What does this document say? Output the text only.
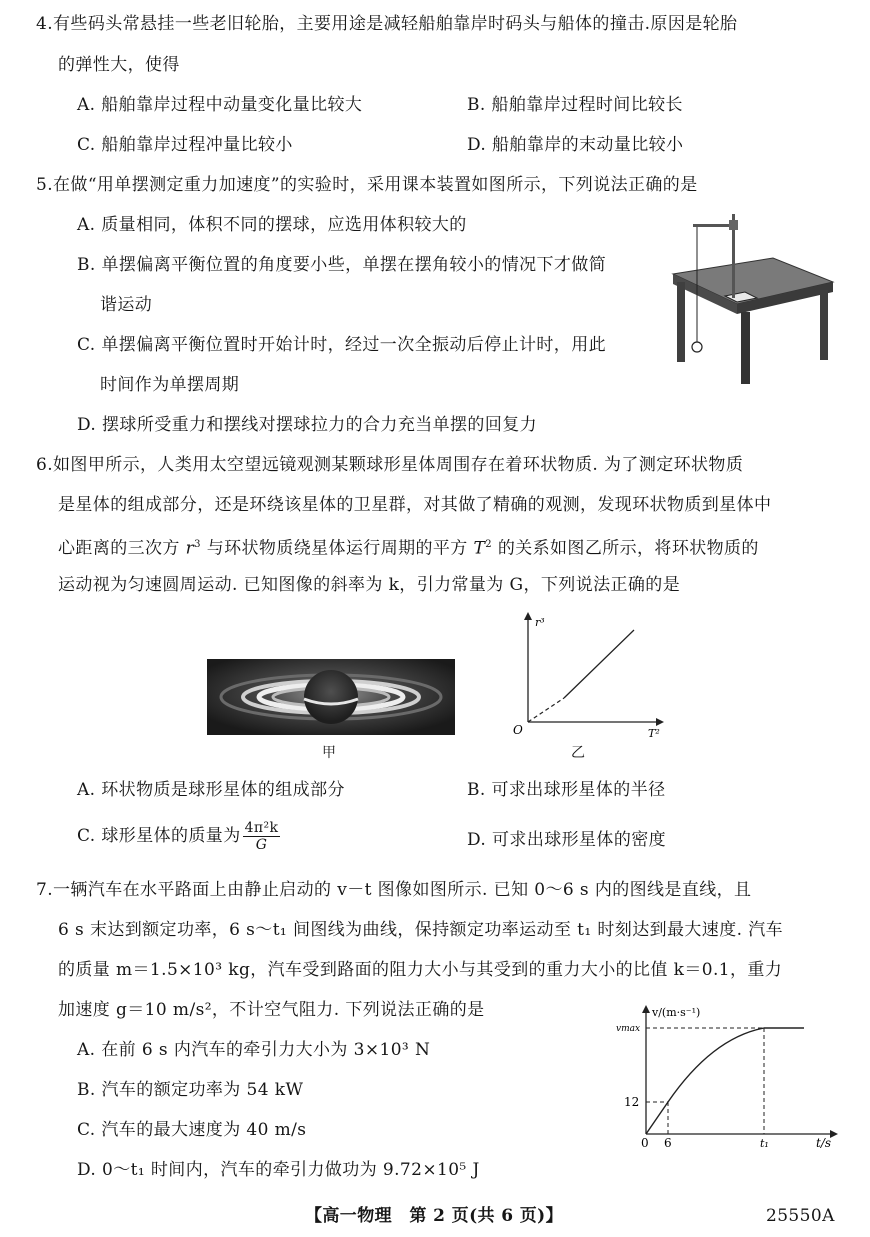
4.有些码头常悬挂一些老旧轮胎，主要用途是减轻船舶靠岸时码头与船体的撞击.原因是轮胎
的弹性大，使得
A. 船舶靠岸过程中动量变化量比较大	B. 船舶靠岸过程时间比较长
C. 船舶靠岸过程冲量比较小	D. 船舶靠岸的末动量比较小
5.在做“用单摆测定重力加速度”的实验时，采用课本装置如图所示，下列说法正确的是
A. 质量相同，体积不同的摆球，应选用体积较大的
B. 单摆偏离平衡位置的角度要小些，单摆在摆角较小的情况下才做简
谐运动
C. 单摆偏离平衡位置时开始计时，经过一次全振动后停止计时，用此
时间作为单摆周期
D. 摆球所受重力和摆线对摆球拉力的合力充当单摆的回复力
6.如图甲所示，人类用太空望远镜观测某颗球形星体周围存在着环状物质. 为了测定环状物质
是星体的组成部分，还是环绕该星体的卫星群，对其做了精确的观测，发现环状物质到星体中
心距离的三次方 $r^3$ 与环状物质绕星体运行周期的平方 $T^2$ 的关系如图乙所示，将环状物质的
运动视为匀速圆周运动. 已知图像的斜率为 k，引力常量为 G，下列说法正确的是
甲
r³
T²
O
乙
A. 环状物质是球形星体的组成部分	B. 可求出球形星体的半径
C. 球形星体的质量为 $\frac{\text{4π²k}}{G}$	D. 可求出球形星体的密度
7.一辆汽车在水平路面上由静止启动的 v－t 图像如图所示. 已知 0～6 s 内的图线是直线，且
6 s 末达到额定功率，6 s～t₁ 间图线为曲线，保持额定功率运动至 t₁ 时刻达到最大速度. 汽车
的质量 m＝1.5×10³ kg，汽车受到路面的阻力大小与其受到的重力大小的比值 k＝0.1，重力
加速度 g＝10 m/s²，不计空气阻力. 下列说法正确的是
A. 在前 6 s 内汽车的牵引力大小为 3×10³ N
B. 汽车的额定功率为 54 kW
C. 汽车的最大速度为 40 m/s
D. 0～t₁ 时间内，汽车的牵引力做功为 9.72×10⁵ J
v/(m·s⁻¹)
vmax
12
0 6	t₁	t/s
【高一物理　第 2 页(共 6 页)】	25550A
